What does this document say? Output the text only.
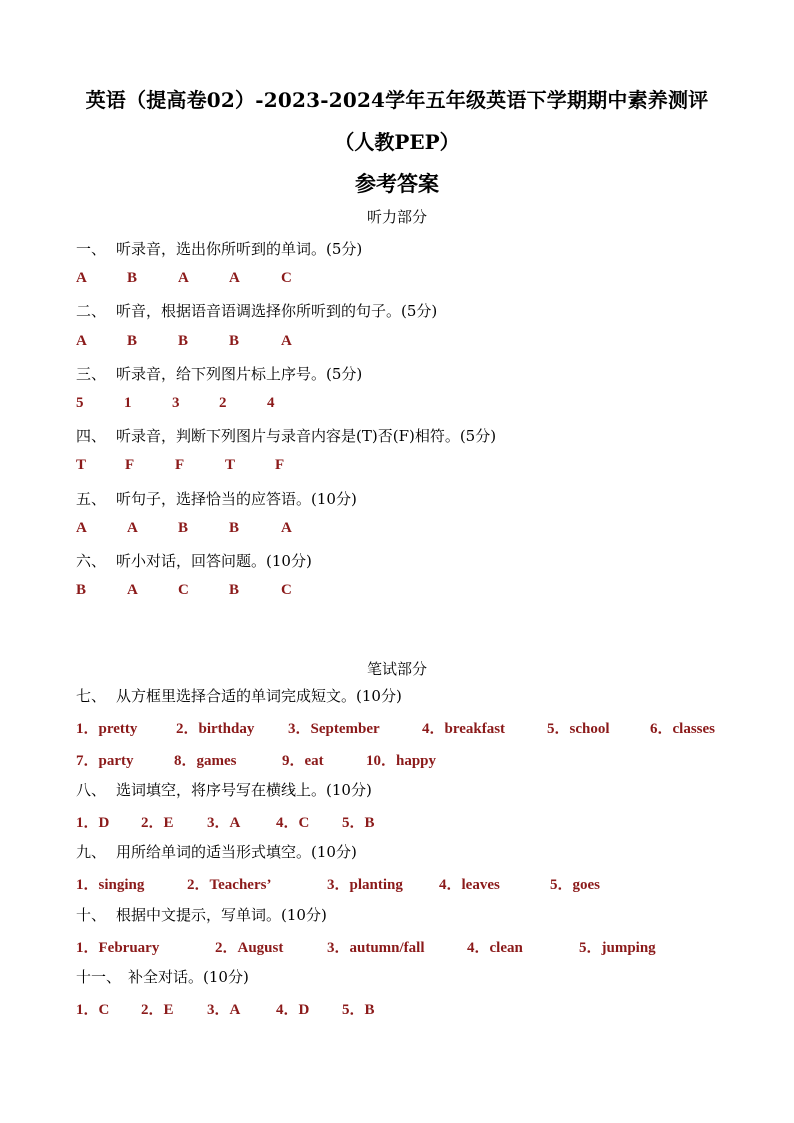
英语（提高卷02）-2023-2024学年五年级英语下学期期中素养测评
（人教PEP）
参考答案
听力部分
一、 听录音，选出你所听到的单词。(5分)
A	B	A	A	C
二、 听音，根据语音语调选择你所听到的句子。(5分)
A	B	B	B	A
三、 听录音，给下列图片标上序号。(5分)
5	1	3	2	4
四、 听录音，判断下列图片与录音内容是(T)否(F)相符。(5分)
T	F	F	T	F
五、 听句子，选择恰当的应答语。(10分)
A	A	B	B	A
六、 听小对话，回答问题。(10分)
B	A	C	B	C
笔试部分
七、 从方框里选择合适的单词完成短文。(10分)
1．pretty	2．birthday 3．September	4．breakfast	5．school	6．classes
7．party	8．games	9．eat	10．happy
八、 选词填空，将序号写在横线上。(10分)
1．D 2．E 3．A 4．C 5．B
九、 用所给单词的适当形式填空。(10分)
1．singing	2．Teachers’	3．planting 4．leaves	5．goes
十、 根据中文提示，写单词。(10分)
1．February	2．August	3．autumn/fall	4．clean	5．jumping
十一、 补全对话。(10分)
1．C 2．E 3．A 4．D 5．B
